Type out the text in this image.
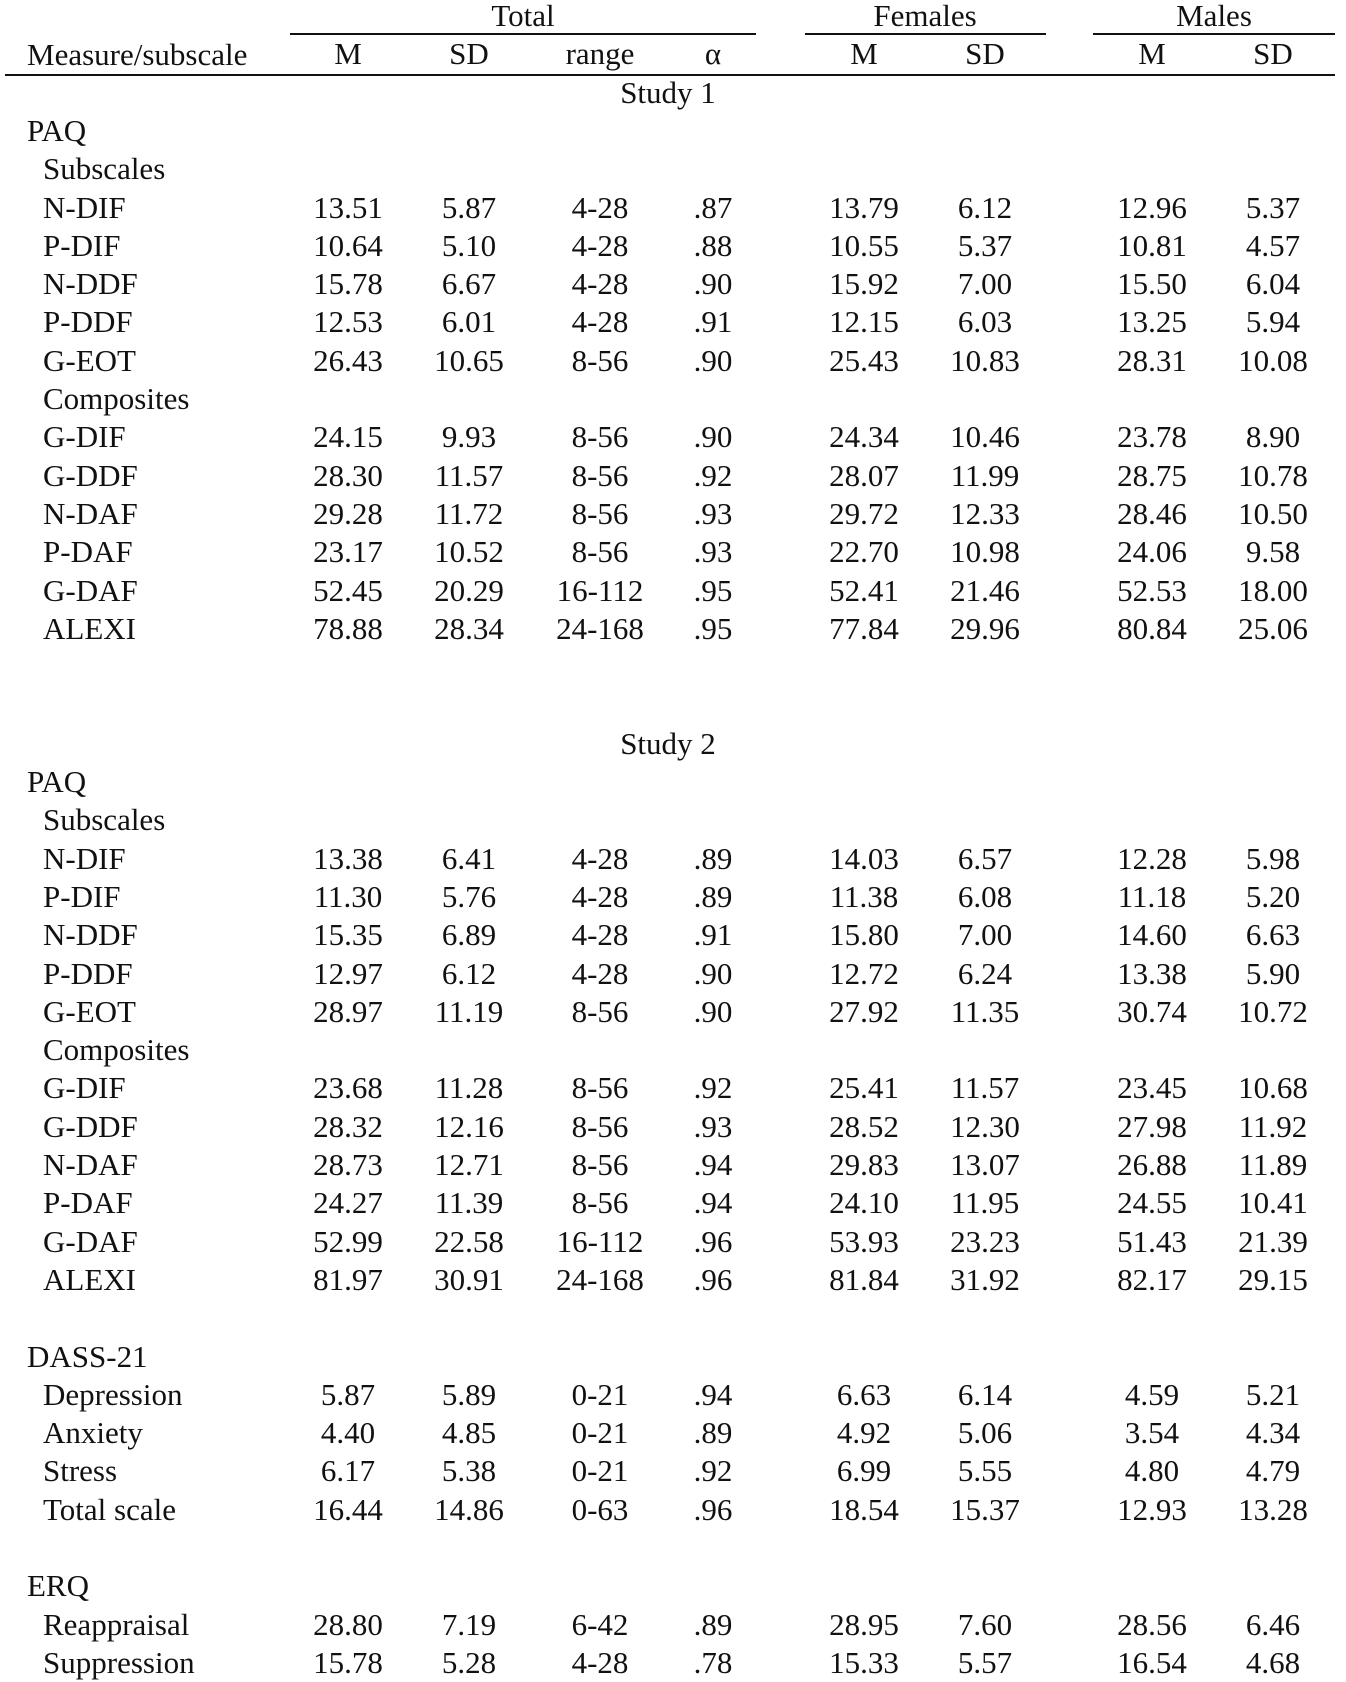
Total	Females	Males
Measure/subscale	M	SD range α	M	SD	M	SD
Study 1
PAQ
Subscales
N-DIF	13.51 5.87 4-28 .87	13.79 6.12	12.96 5.37
P-DIF	10.64 5.10 4-28 .88	10.55 5.37	10.81 4.57
N-DDF	15.78 6.67 4-28 .90	15.92 7.00	15.50 6.04
P-DDF	12.53 6.01 4-28 .91	12.15 6.03	13.25 5.94
G-EOT	26.43 10.65 8-56 .90	25.43 10.83	28.31 10.08
Composites
G-DIF	24.15 9.93 8-56 .90	24.34 10.46	23.78 8.90
G-DDF	28.30 11.57 8-56 .92	28.07 11.99	28.75 10.78
N-DAF	29.28 11.72 8-56 .93	29.72 12.33	28.46 10.50
P-DAF	23.17 10.52 8-56 .93	22.70 10.98	24.06 9.58
G-DAF	52.45 20.29 16-112 .95	52.41 21.46	52.53 18.00
ALEXI	78.88 28.34 24-168 .95	77.84 29.96	80.84 25.06
Study 2
PAQ
Subscales
N-DIF	13.38 6.41 4-28 .89	14.03 6.57	12.28 5.98
P-DIF	11.30 5.76 4-28 .89	11.38 6.08	11.18 5.20
N-DDF	15.35 6.89 4-28 .91	15.80 7.00	14.60 6.63
P-DDF	12.97 6.12 4-28 .90	12.72 6.24	13.38 5.90
G-EOT	28.97 11.19 8-56 .90	27.92 11.35	30.74 10.72
Composites
G-DIF	23.68 11.28 8-56 .92	25.41 11.57	23.45 10.68
G-DDF	28.32 12.16 8-56 .93	28.52 12.30	27.98 11.92
N-DAF	28.73 12.71 8-56 .94	29.83 13.07	26.88 11.89
P-DAF	24.27 11.39 8-56 .94	24.10 11.95	24.55 10.41
G-DAF	52.99 22.58 16-112 .96	53.93 23.23	51.43 21.39
ALEXI	81.97 30.91 24-168 .96	81.84 31.92	82.17 29.15
DASS-21
Depression	5.87 5.89 0-21 .94	6.63 6.14	4.59 5.21
Anxiety	4.40 4.85 0-21 .89	4.92 5.06	3.54 4.34
Stress	6.17 5.38 0-21 .92	6.99 5.55	4.80 4.79
Total scale	16.44 14.86 0-63 .96	18.54 15.37	12.93 13.28
ERQ
Reappraisal	28.80 7.19 6-42 .89	28.95 7.60	28.56 6.46
Suppression	15.78 5.28 4-28 .78	15.33 5.57	16.54 4.68
